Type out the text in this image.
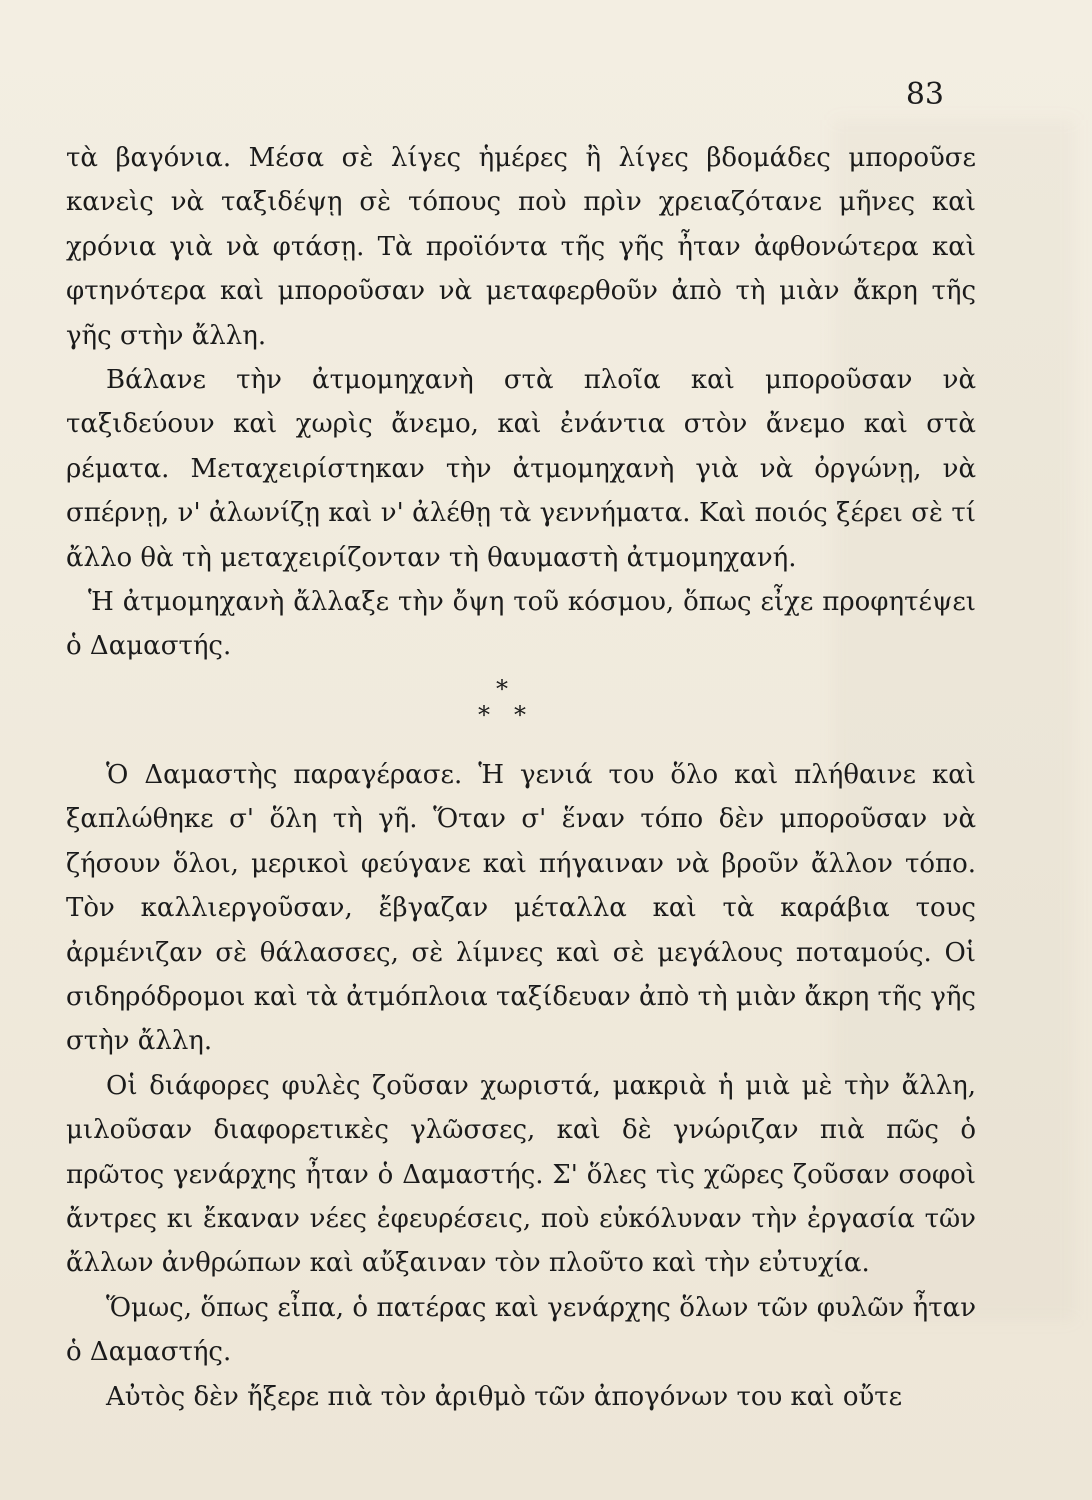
83

τὰ βαγόνια. Μέσα σὲ λίγες ἡμέρες ἢ λίγες βδομάδες μποροῦσε κανεὶς νὰ ταξιδέψῃ σὲ τόπους ποὺ πρὶν χρειαζότανε μῆνες καὶ χρόνια γιὰ νὰ φτάσῃ. Τὰ προϊόντα τῆς γῆς ἦταν ἀφθονώτερα καὶ φτηνότερα καὶ μποροῦσαν νὰ μεταφερθοῦν ἀπὸ τὴ μιὰν ἄκρη τῆς γῆς στὴν ἄλλη.

Βάλανε τὴν ἀτμομηχανὴ στὰ πλοῖα καὶ μποροῦσαν νὰ ταξιδεύουν καὶ χωρὶς ἄνεμο, καὶ ἐνάντια στὸν ἄνεμο καὶ στὰ ρέματα. Μεταχειρίστηκαν τὴν ἀτμομηχανὴ γιὰ νὰ ὀργώνῃ, νὰ σπέρνῃ, ν' ἀλωνίζῃ καὶ ν' ἀλέθῃ τὰ γεννήματα. Καὶ ποιός ξέρει σὲ τί ἄλλο θὰ τὴ μεταχειρίζονταν τὴ θαυμαστὴ ἀτμομηχανή.

Ἡ ἀτμομηχανὴ ἄλλαξε τὴν ὄψη τοῦ κόσμου, ὅπως εἶχε προφητέψει ὁ Δαμαστής.

*
* *

Ὁ Δαμαστὴς παραγέρασε. Ἡ γενιά του ὅλο καὶ πλήθαινε καὶ ξαπλώθηκε σ' ὅλη τὴ γῆ. Ὅταν σ' ἕναν τόπο δὲν μποροῦσαν νὰ ζήσουν ὅλοι, μερικοὶ φεύγανε καὶ πήγαιναν νὰ βροῦν ἄλλον τόπο. Τὸν καλλιεργοῦσαν, ἔβγαζαν μέταλλα καὶ τὰ καράβια τους ἀρμένιζαν σὲ θάλασσες, σὲ λίμνες καὶ σὲ μεγάλους ποταμούς. Οἱ σιδηρόδρομοι καὶ τὰ ἀτμόπλοια ταξίδευαν ἀπὸ τὴ μιὰν ἄκρη τῆς γῆς στὴν ἄλλη.

Οἱ διάφορες φυλὲς ζοῦσαν χωριστά, μακριὰ ἡ μιὰ μὲ τὴν ἄλλη, μιλοῦσαν διαφορετικὲς γλῶσσες, καὶ δὲ γνώριζαν πιὰ πῶς ὁ πρῶτος γενάρχης ἦταν ὁ Δαμαστής. Σ' ὅλες τὶς χῶρες ζοῦσαν σοφοὶ ἄντρες κι ἔκαναν νέες ἐφευρέσεις, ποὺ εὐκόλυναν τὴν ἐργασία τῶν ἄλλων ἀνθρώπων καὶ αὔξαιναν τὸν πλοῦτο καὶ τὴν εὐτυχία.

Ὅμως, ὅπως εἶπα, ὁ πατέρας καὶ γενάρχης ὅλων τῶν φυλῶν ἦταν ὁ Δαμαστής.

Αὐτὸς δὲν ἤξερε πιὰ τὸν ἀριθμὸ τῶν ἀπογόνων του καὶ οὔτε
